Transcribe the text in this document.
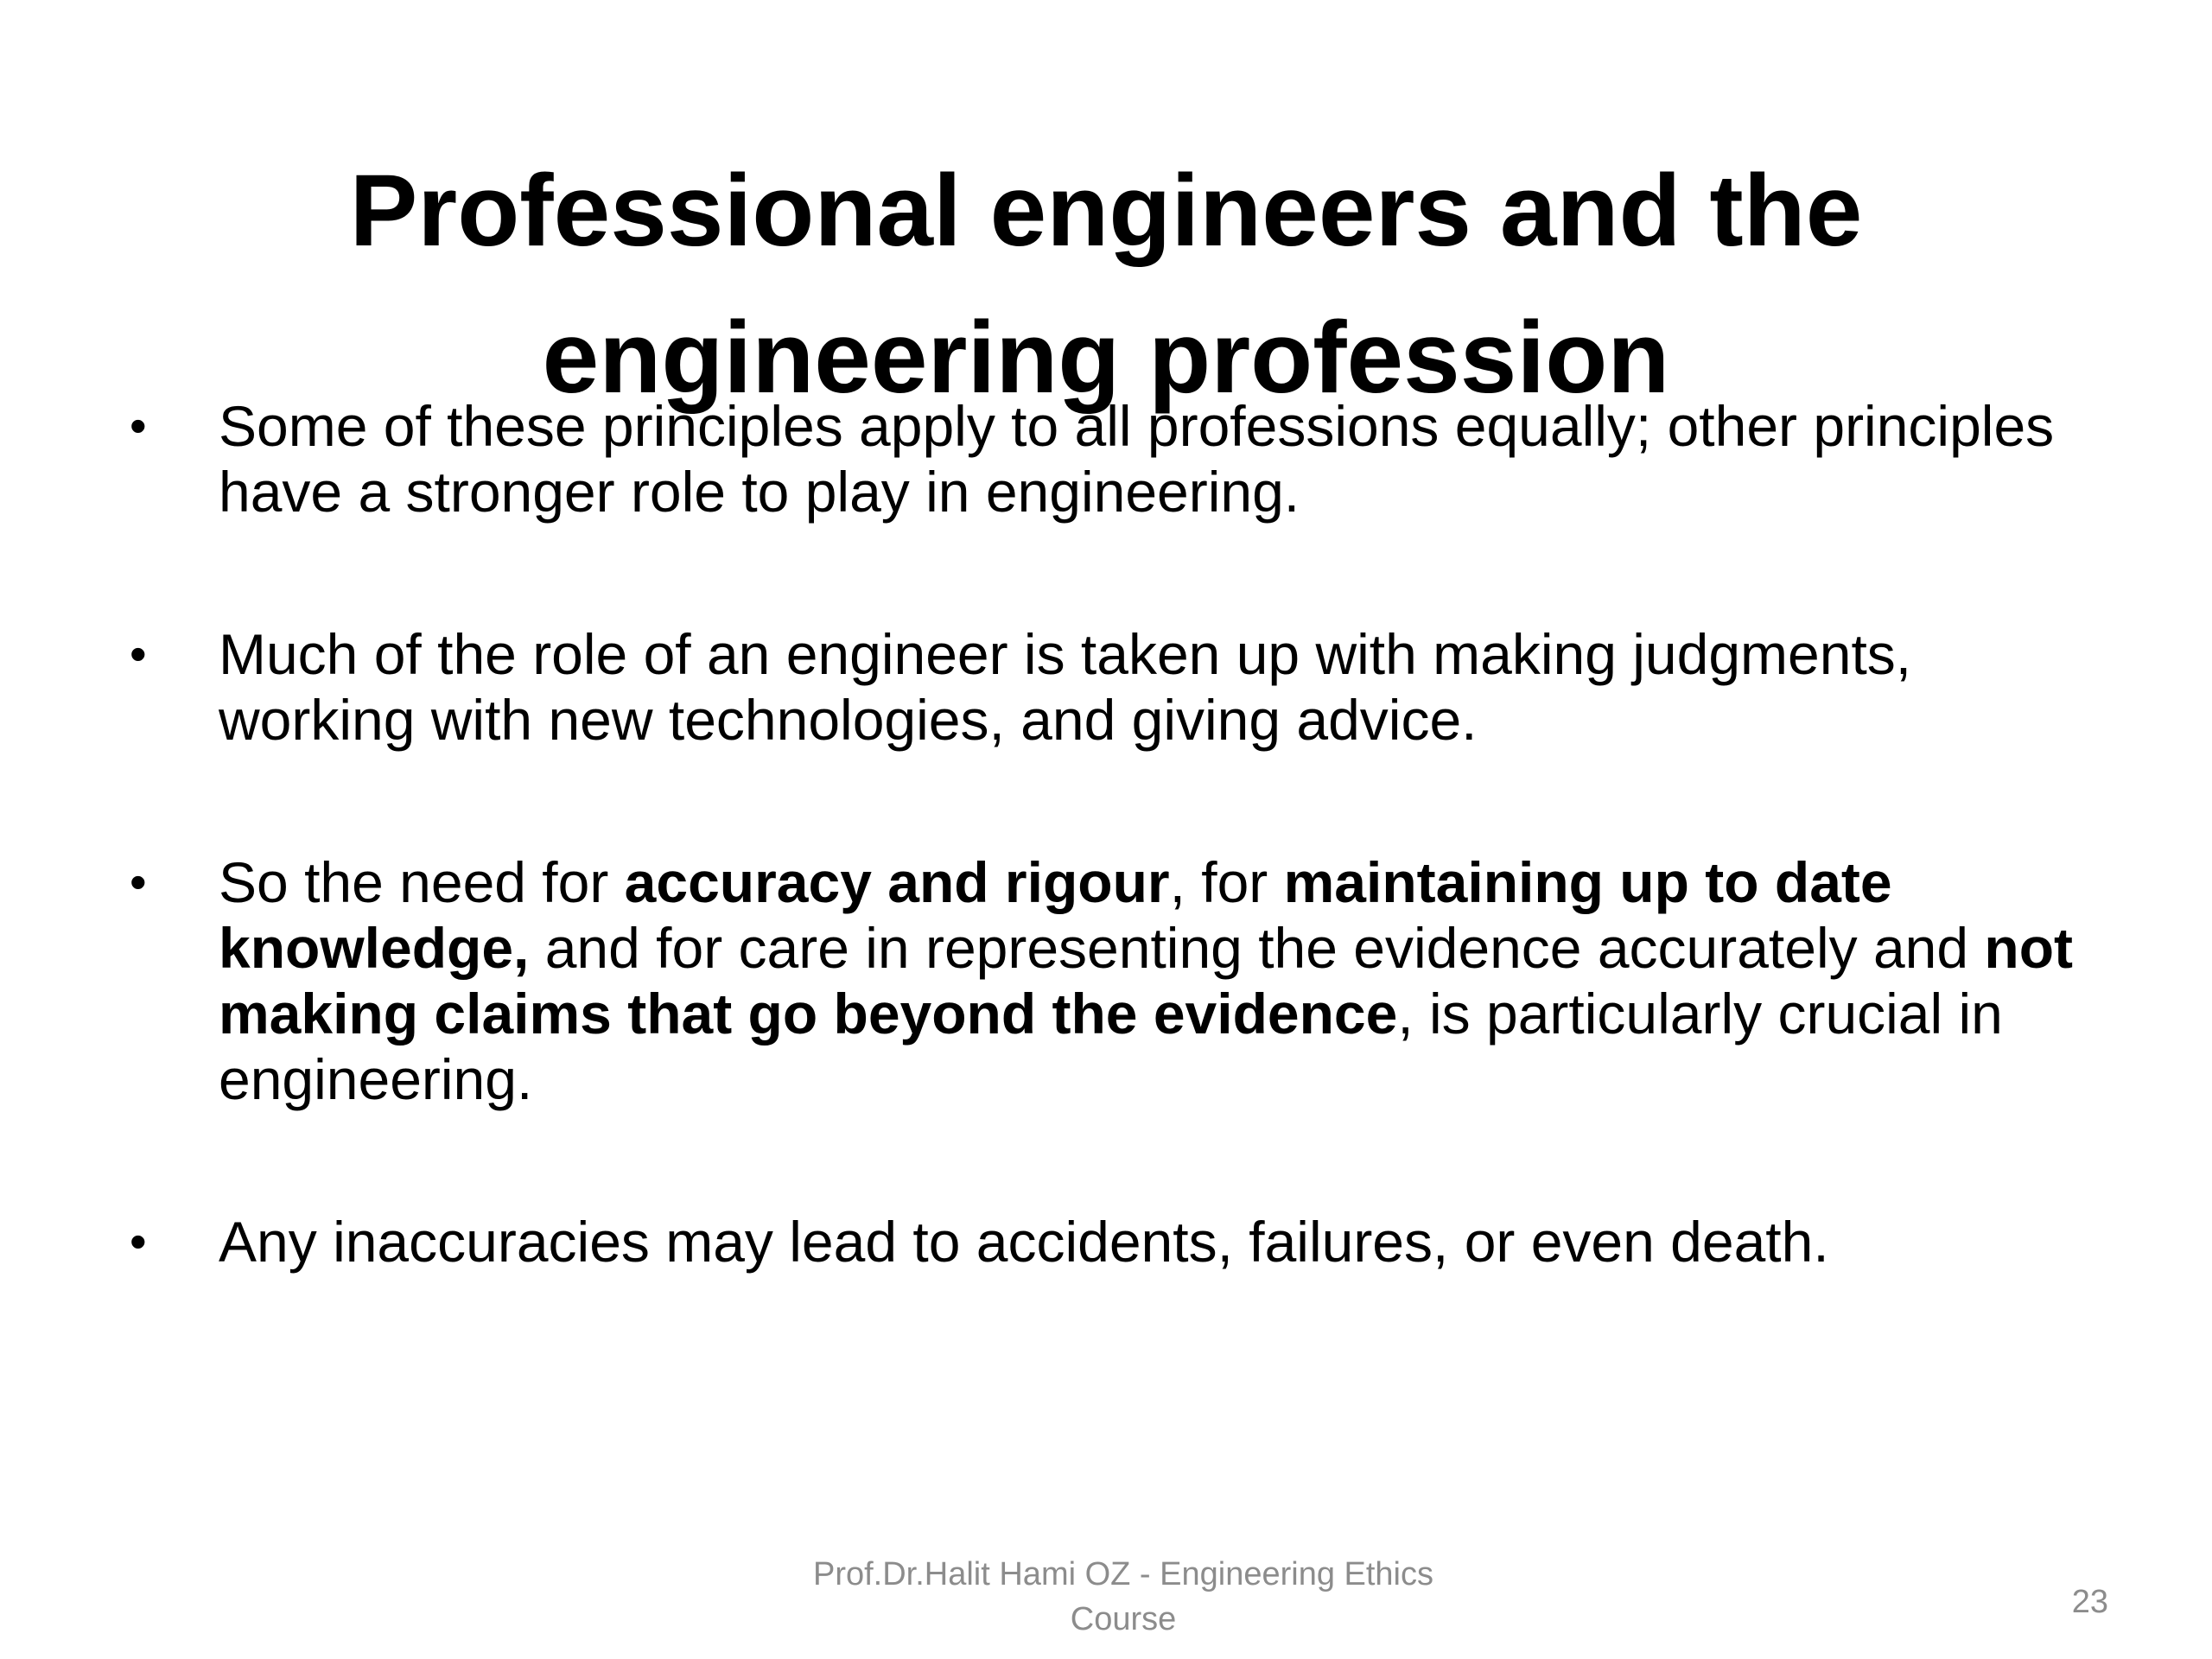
Professional engineers and the
engineering profession
•	Some of these principles apply to all professions equally; other principles have a stronger role to play in engineering.
•	Much of the role of an engineer is taken up with making judgments, working with new technologies, and giving advice.
•	So the need for accuracy and rigour, for maintaining up to date knowledge, and for care in representing the evidence accurately and not making claims that go beyond the evidence, is particularly crucial in engineering.
•	Any inaccuracies may lead to accidents, failures, or even death.
Prof.Dr.Halit Hami OZ - Engineering Ethics
Course	23
